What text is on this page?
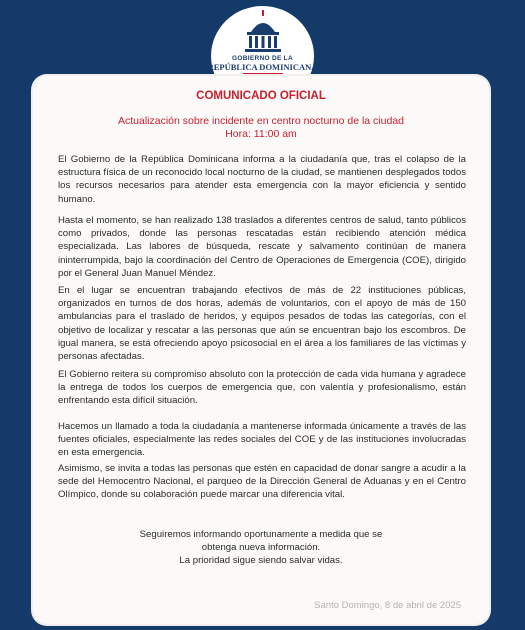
GOBIERNO DE LA
REPÚBLICA DOMINICANA
COMUNICADO OFICIAL
Actualización sobre incidente en centro nocturno de la ciudad
Hora: 11:00 am

El Gobierno de la República Dominicana informa a la ciudadanía que, tras el colapso de la estructura física de un reconocido local nocturno de la ciudad, se mantienen desplegados todos los recursos necesarios para atender esta emergencia con la mayor eficiencia y sentido humano.

Hasta el momento, se han realizado 138 traslados a diferentes centros de salud, tanto públicos como privados, donde las personas rescatadas están recibiendo atención médica especializada. Las labores de búsqueda, rescate y salvamento continúan de manera ininterrumpida, bajo la coordinación del Centro de Operaciones de Emergencia (COE), dirigido por el General Juan Manuel Méndez.

En el lugar se encuentran trabajando efectivos de más de 22 instituciones públicas, organizados en turnos de dos horas, además de voluntarios, con el apoyo de más de 150 ambulancias para el traslado de heridos, y equipos pesados de todas las categorías, con el objetivo de localizar y rescatar a las personas que aún se encuentran bajo los escombros. De igual manera, se está ofreciendo apoyo psicosocial en el área a los familiares de las víctimas y personas afectadas.

El Gobierno reitera su compromiso absoluto con la protección de cada vida humana y agradece la entrega de todos los cuerpos de emergencia que, con valentía y profesionalismo, están enfrentando esta difícil situación.

Hacemos un llamado a toda la ciudadanía a mantenerse informada únicamente a través de las fuentes oficiales, especialmente las redes sociales del COE y de las instituciones involucradas en esta emergencia.

Asimismo, se invita a todas las personas que estén en capacidad de donar sangre a acudir a la sede del Hemocentro Nacional, el parqueo de la Dirección General de Aduanas y en el Centro Olímpico, donde su colaboración puede marcar una diferencia vital.

Seguiremos informando oportunamente a medida que se
obtenga nueva información.
La prioridad sigue siendo salvar vidas.
Santo Domingo, 8 de abril de 2025
